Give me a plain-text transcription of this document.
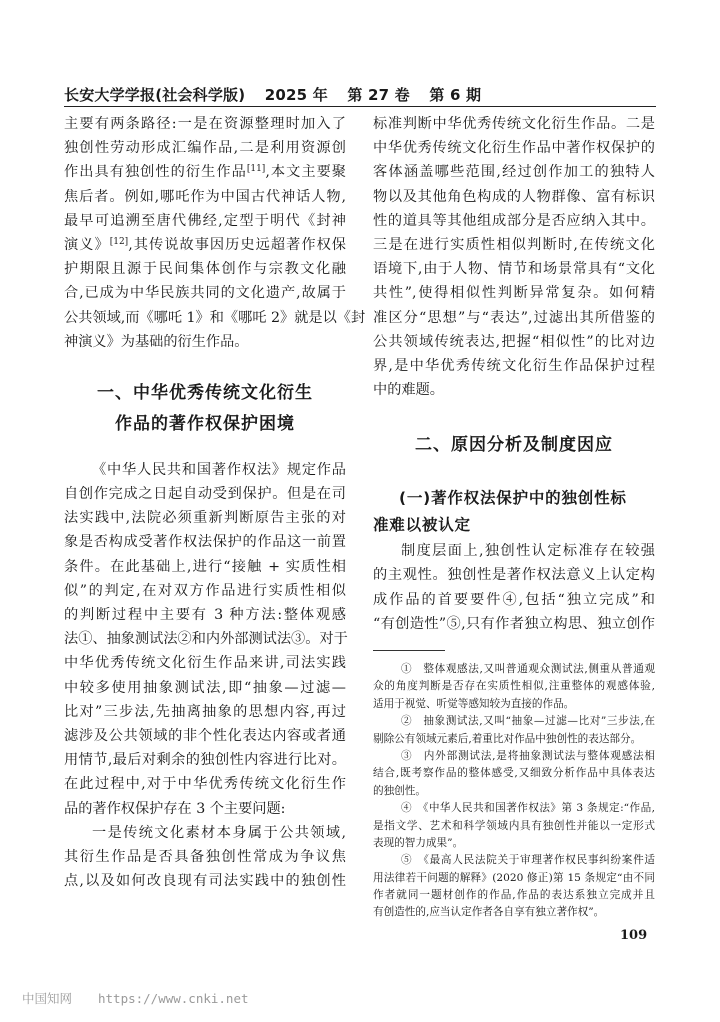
长安大学学报(社会科学版) 2025 年 第 27 卷 第 6 期
主要有两条路径:一是在资源整理时加入了
独创性劳动形成汇编作品,二是利用资源创
作出具有独创性的衍生作品[11],本文主要聚
焦后者。例如,哪吒作为中国古代神话人物,
最早可追溯至唐代佛经,定型于明代《封神
演义》[12],其传说故事因历史远超著作权保
护期限且源于民间集体创作与宗教文化融
合,已成为中华民族共同的文化遗产,故属于
公共领域,而《哪吒 1》和《哪吒 2》就是以《封
神演义》为基础的衍生作品。
一、中华优秀传统文化衍生
作品的著作权保护困境
《中华人民共和国著作权法》规定作品
自创作完成之日起自动受到保护。但是在司
法实践中,法院必须重新判断原告主张的对
象是否构成受著作权法保护的作品这一前置
条件。在此基础上,进行“接触 + 实质性相
似”的判定,在对双方作品进行实质性相似
的判断过程中主要有 3 种方法:整体观感
法①、抽象测试法②和内外部测试法③。对于
中华优秀传统文化衍生作品来讲,司法实践
中较多使用抽象测试法,即“抽象—过滤—
比对”三步法,先抽离抽象的思想内容,再过
滤涉及公共领域的非个性化表达内容或者通
用情节,最后对剩余的独创性内容进行比对。
在此过程中,对于中华优秀传统文化衍生作
品的著作权保护存在 3 个主要问题:
一是传统文化素材本身属于公共领域,
其衍生作品是否具备独创性常成为争议焦
点,以及如何改良现有司法实践中的独创性
标准判断中华优秀传统文化衍生作品。二是
中华优秀传统文化衍生作品中著作权保护的
客体涵盖哪些范围,经过创作加工的独特人
物以及其他角色构成的人物群像、富有标识
性的道具等其他组成部分是否应纳入其中。
三是在进行实质性相似判断时,在传统文化
语境下,由于人物、情节和场景常具有“文化
共性”,使得相似性判断异常复杂。如何精
准区分“思想”与“表达”,过滤出其所借鉴的
公共领域传统表达,把握“相似性”的比对边
界,是中华优秀传统文化衍生作品保护过程
中的难题。
二、原因分析及制度因应
(一)著作权法保护中的独创性标
准难以被认定
制度层面上,独创性认定标准存在较强
的主观性。独创性是著作权法意义上认定构
成作品的首要要件④,包括“独立完成”和
“有创造性”⑤,只有作者独立构思、独立创作
①　整体观感法,又叫普通观众测试法,侧重从普通观
众的角度判断是否存在实质性相似,注重整体的观感体验,
适用于视觉、听觉等感知较为直接的作品。
②　抽象测试法,又叫“抽象—过滤—比对”三步法,在
剔除公有领域元素后,着重比对作品中独创性的表达部分。
③　内外部测试法,是将抽象测试法与整体观感法相
结合,既考察作品的整体感受,又细致分析作品中具体表达
的独创性。
④　《中华人民共和国著作权法》第 3 条规定:“作品,
是指文学、艺术和科学领域内具有独创性并能以一定形式
表现的智力成果”。
⑤　《最高人民法院关于审理著作权民事纠纷案件适
用法律若干问题的解释》(2020 修正)第 15 条规定“由不同
作者就同一题材创作的作品,作品的表达系独立完成并且
有创造性的,应当认定作者各自享有独立著作权”。
109
中国知网 https://www.cnki.net
